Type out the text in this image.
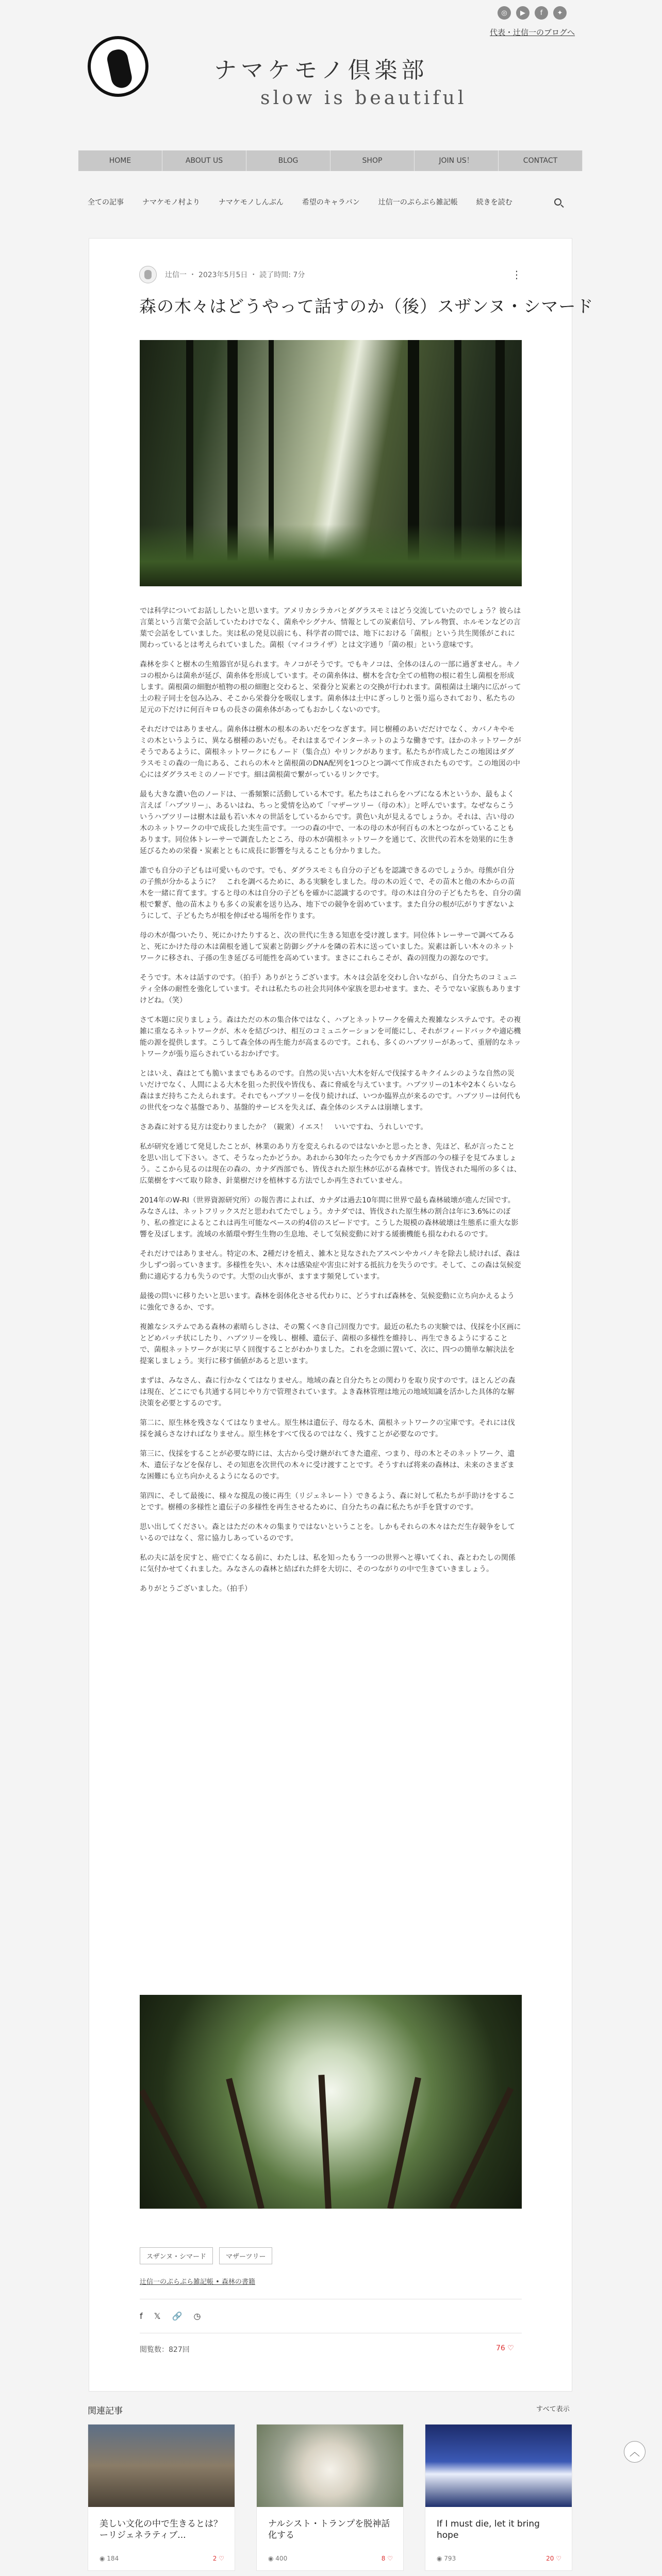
◎	▶	f	✦
代表・辻信一のブログへ
ナマケモノ倶楽部
slow is beautiful
HOME	ABOUT US	BLOG	SHOP	JOIN US！	CONTACT
全ての記事	ナマケモノ村より	ナマケモノしんぶん	希望のキャラバン	辻信一のぷらぷら雑記帳	続きを読む
辻信一 ・ 2023年5月5日 ・ 読了時間: 7分	⋮
森の木々はどうやって話すのか（後）スザンヌ・シマード

では科学についてお話ししたいと思います。アメリカシラカバとダグラスモミはどう交流していたのでしょう？彼らは言葉という言葉で会話していたわけでなく、菌糸やシグナル、情報としての炭素信号、アレル物質、ホルモンなどの言葉で会話をしていました。実は私の発見以前にも、科学者の間では、地下における「菌根」という共生関係がこれに関わっているとは考えられていました。菌根（マイコライザ）とは文字通り「菌の根」という意味です。

森林を歩くと樹木の生殖器官が見られます。キノコがそうです。でもキノコは、全体のほんの一部に過ぎません。キノコの根からは菌糸が延び、菌糸体を形成しています。その菌糸体は、樹木を含む全ての植物の根に着生し菌根を形成します。菌根菌の細胞が植物の根の細胞と交わると、栄養分と炭素との交換が行われます。菌根菌は土壌内に広がって土の粒子同士を包み込み、そこから栄養分を吸収します。菌糸体は土中にぎっしりと張り巡らされており、私たちの足元の下だけに何百キロもの長さの菌糸体があってもおかしくないのです。

それだけではありません。菌糸体は樹木の根本のあいだをつなぎます。同じ樹種のあいだだけでなく、カバノキやモミの木というように、異なる樹種のあいだも。それはまるでインターネットのような働きです。ほかのネットワークがそうであるように、菌根ネットワークにもノード（集合点）やリンクがあります。私たちが作成したこの地図はダグラスモミの森の一角にある、これらの木々と菌根菌のDNA配列を1つひとつ調べて作成されたものです。この地図の中心にはダグラスモミのノードです。細は菌根菌で繋がっているリンクです。

最も大きな濃い色のノードは、一番頻繁に活動している木です。私たちはこれらをハブになる木というか、最もよく言えば「ハブツリー」、あるいはね、ちっと愛情を込めて「マザーツリー（母の木）」と呼んでいます。なぜならこういうハブツリーは樹木は最も若い木々の世話をしているからです。黄色い丸が見えるでしょうか。それは、古い母の木のネットワークの中で成長した実生苗です。一つの森の中で、一本の母の木が何百もの木とつながっていることもあります。同位体トレーサーで調査したところ、母の木が菌根ネットワークを通じて、次世代の若木を効果的に生き延びるための栄養・炭素とともに成長に影響を与えることも分かりました。

誰でも自分の子どもは可愛いものです。でも、ダグラスモミも自分の子どもを認識できるのでしょうか。母熊が自分の子熊が分かるように？　これを調べるために、ある実験をしました。母の木の近くで、その苗木と他の木からの苗木を一緒に育てます。すると母の木は自分の子どもを確かに認識するのです。母の木は自分の子どもたちを、自分の菌根で繋ぎ、他の苗木よりも多くの炭素を送り込み、地下での競争を弱めています。また自分の根が広がりすぎないようにして、子どもたちが根を伸ばせる場所を作ります。

母の木が傷ついたり、死にかけたりすると、次の世代に生きる知恵を受け渡します。同位体トレーサーで調べてみると、死にかけた母の木は菌根を通して炭素と防御シグナルを隣の若木に送っていました。炭素は新しい木々のネットワークに移され、子孫の生き延びる可能性を高めています。まさにこれらこそが、森の回復力の源なのです。

そうです。木々は話すのです。（拍手）ありがとうございます。木々は会話を交わし合いながら、自分たちのコミュニティ全体の耐性を強化しています。それは私たちの社会共同体や家族を思わせます。また、そうでない家族もありますけどね。（笑）

さて本題に戻りましょう。森はただの木の集合体ではなく、ハブとネットワークを備えた複雑なシステムです。その複雑に重なるネットワークが、木々を結びつけ、相互のコミュニケーションを可能にし、それがフィードバックや適応機能の源を提供します。こうして森全体の再生能力が高まるのです。これも、多くのハブツリーがあって、重層的なネットワークが張り巡らされているおかげです。

とはいえ、森はとても脆いままでもあるのです。自然の災い古い大木を好んで伐採するキクイムシのような自然の災いだけでなく、人間による大木を狙った択伐や皆伐も、森に脅威を与えています。ハブツリーの1本や2本くらいなら森はまだ持ちこたえられます。それでもハブツリーを伐り続ければ、いつか臨界点が来るのです。ハブツリーは何代もの世代をつなぐ基盤であり、基盤的サービスを失えば、森全体のシステムは崩壊します。

さあ森に対する見方は変わりましたか？（観衆）イエス！　いいですね、うれしいです。

私が研究を通じて発見したことが、林業のあり方を変えられるのではないかと思ったとき、先ほど、私が言ったことを思い出して下さい。さて、そうなったかどうか。あれから30年たった今でもカナダ西部の今の様子を見てみましょう。ここから見るのは現在の森の、カナダ西部でも、皆伐された原生林が広がる森林です。皆伐された場所の多くは、広葉樹をすべて取り除き、針葉樹だけを植林する方法でしか再生されていません。

2014年のW-RI（世界資源研究所）の報告書によれば、カナダは過去10年間に世界で最も森林破壊が進んだ国です。みなさんは、ネットフリックスだと思われてたでしょう。カナダでは、皆伐された原生林の割合は年に3.6%にのぼり、私の推定によるとこれは再生可能なペースの約4倍のスピードです。こうした規模の森林破壊は生態系に重大な影響を及ぼします。流域の水循環や野生生物の生息地、そして気候変動に対する緩衝機能も損なわれるのです。

それだけではありません。特定の木、2種だけを植え、雑木と見なされたアスペンやカバノキを除去し続ければ、森は少しずつ弱っていきます。多様性を失い、木々は感染症や害虫に対する抵抗力を失うのです。そして、この森は気候変動に適応する力も失うのです。大型の山火事が、ますます頻発しています。

最後の問いに移りたいと思います。森林を弱体化させる代わりに、どうすれば森林を、気候変動に立ち向かえるように強化できるか、です。

複雑なシステムである森林の素晴らしさは、その驚くべき自己回復力です。最近の私たちの実験では、伐採を小区画にとどめパッチ状にしたり、ハブツリーを残し、樹種、遺伝子、菌根の多様性を維持し、再生できるようにすることで、菌根ネットワークが実に早く回復することがわかりました。これを念頭に置いて、次に、四つの簡単な解決法を提案しましょう。実行に移す価値があると思います。

まずは、みなさん、森に行かなくてはなりません。地域の森と自分たちとの関わりを取り戻すのです。ほとんどの森は現在、どこにでも共通する同じやり方で管理されています。よき森林管理は地元の地域知識を活かした具体的な解決策を必要とするのです。

第二に、原生林を残さなくてはなりません。原生林は遺伝子、母なる木、菌根ネットワークの宝庫です。それには伐採を減らさなければなりません。原生林をすべて伐るのではなく、残すことが必要なのです。

第三に、伐採をすることが必要な時には、太古から受け継がれてきた遺産、つまり、母の木とそのネットワーク、遺木、遺伝子などを保存し、その知恵を次世代の木々に受け渡すことです。そうすれば将来の森林は、未来のさまざまな困難にも立ち向かえるようになるのです。

第四に、そして最後に、様々な撹乱の後に再生（リジェネレート）できるよう、森に対して私たちが手助けをすることです。樹種の多様性と遺伝子の多様性を再生させるために、自分たちの森に私たちが手を貸すのです。

思い出してください。森とはただの木々の集まりではないということを。しかもそれらの木々はただ生存競争をしているのではなく、常に協力しあっているのです。

私の夫に話を戻すと、癌で亡くなる前に、わたしは、私を知ったもう一つの世界へと導いてくれ、森とわたしの関係に気付かせてくれました。みなさんの森林と結ばれた絆を大切に、そのつながりの中で生きていきましょう。

ありがとうございました。（拍手）

スザンヌ・シマード	マザーツリー
辻信一のぷらぷら雑記帳 • 森林の書籍
f 𝕏 🔗 ◷
閲覧数：827回	76 ♡
関連記事	すべて表示
美しい文化の中で生きるとは？ーリジェネラティブ...
◉ 184	2 ♡
ナルシスト・トランプを脱神話化する
◉ 400	8 ♡
If I must die, let it bring hope
◉ 793	20 ♡
︿
